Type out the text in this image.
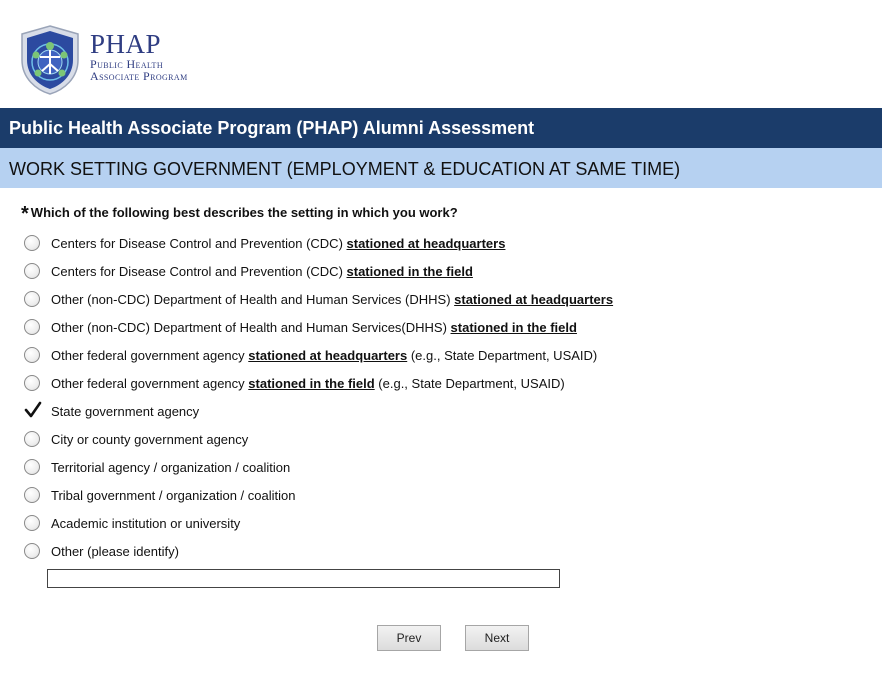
PHAP
Public Health
Associate Program
Public Health Associate Program (PHAP) Alumni Assessment
WORK SETTING GOVERNMENT (EMPLOYMENT & EDUCATION AT SAME TIME)
* Which of the following best describes the setting in which you work?
Centers for Disease Control and Prevention (CDC) stationed at headquarters
Centers for Disease Control and Prevention (CDC) stationed in the field
Other (non-CDC) Department of Health and Human Services (DHHS) stationed at headquarters
Other (non-CDC) Department of Health and Human Services(DHHS) stationed in the field
Other federal government agency stationed at headquarters (e.g., State Department, USAID)
Other federal government agency stationed in the field (e.g., State Department, USAID)
State government agency
City or county government agency
Territorial agency / organization / coalition
Tribal government / organization / coalition
Academic institution or university
Other (please identify)
Prev	Next
